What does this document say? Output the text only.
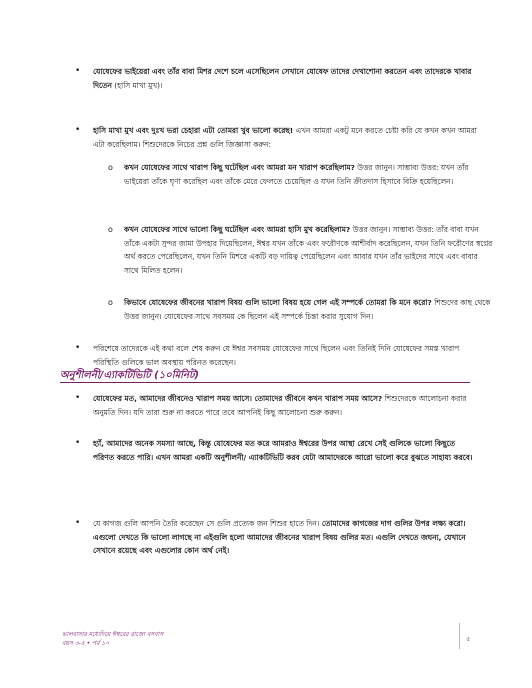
• যোষেফের ভাইয়েরা এবং তাঁর বাবা মিশর দেশে চলে এসেছিলেন সেখানে যোষেফ তাদের দেখাশোনা করতেন এবং তাদেরকে খাবার দিতেন (হাসি মাখা মুখ)।
• হাসি মাখা মুখ এবং দুঃখ ভরা চেহারা এটা তোমরা খুব ভালো করেছ! এখন আমরা একটু মনে করতে চেষ্টা করি যে কখন কখন আমরা এটা করেছিলাম। শিশুদেরকে নিচের প্রশ্ন গুলি জিজ্ঞাসা করুন:
o কখন যোষেফের সাথে খারাপ কিছু ঘটেছিল এবং আমরা মন খারাপ করেছিলাম? উত্তর জানুন। সাম্ভাব্য উত্তর: যখন তাঁর ভাইয়েরা তাঁকে ঘৃণা করেছিল এবং তাঁকে মেরে ফেলতে চেয়েছিল ও যখন তিনি ক্রীতদাস হিসাবে বিক্রি হয়েছিলেন।
o কখন যোষেফের সাথে ভালো কিছু ঘটেছিল এবং আমরা হাসি মুখ করেছিলাম? উত্তর জানুন। সাম্ভাব্য উত্তর: তাঁর বাবা যখন তাঁকে একটা সুন্দর জামা উপহার দিয়েছিলেন, ঈশ্বর যখন তাঁকে এবং ফরৌণকে আশীর্বাদ করেছিলেন, যখন তিনি ফরৌণের স্বপ্নের অর্থ করতে পেরেছিলেন, যখন তিনি মিশরে একটি বড় দায়িত্ব পেয়েছিলেন এবং আবার যখন তাঁর ভাইদের সাথে এবং বাবার সাথে মিলিত হলেন।
o কিভাবে যোষেফের জীবনের খারাপ বিষয় গুলি ভালো বিষয় হয়ে গেল এই সম্পর্কে তোমরা কি মনে করো? শিশুদের কাছ থেকে উত্তর জানুন। যোষেফের সাথে সবসময় কে ছিলেন এই সম্পর্কে চিন্তা করার সুযোগ দিন।
• পরিশেষে তাদেরকে এই কথা বলে শেষ করুন যে ঈশ্বর সবসময় যোষেফের সাথে ছিলেন এবং তিনিই দিনি যোষেফের সমস্ত খারাপ পরিস্থিতি গুলিকে ভাল অবস্থায় পরিনত করেছেন।
অনুশীলনী/এ্যাকটিভিটি (১০মিনিট)
• যোষেফের মত, আমাদের জীবনেও খারাপ সময় আসে। তোমাদের জীবনে কখন খারাপ সময় আসে? শিশুদেরকে আলোচনা করার অনুমতি দিন। যদি তারা শুরু না করতে পারে তবে আপনিই কিছু আলোচনা শুরু করুন।
• হ্যাঁ, আমাদের অনেক সমস্যা আছে, কিন্তু যোষেফের মত করে আমরাও ঈশ্বরের উপর আস্থা রেখে সেই গুলিকে ভালো কিছুতে পরিণত করতে পারি। এখন আমরা একটি অনুশীলনী/ এ্যাকটিভিটি করব যেটা আমাদেরকে আরো ভালো করে বুঝতে সাহায্য করবে।
• যে কাগজ গুলি আপনি তৈরি করেছেন সে গুলি প্রত্যেক জন শিশুর হাতে দিন। তোমাদের কাগজের দাগ গুলির উপর লক্ষ্য করো। এগুলো দেখতে কি ভালো লাগছে না এইগুলি হলো আমাদের জীবনের খারাপ বিষয় গুলির মত। এগুলি দেখতে জঘন্য, যেখানে সেখানে রয়েছে এবং এগুলোর কোন অর্থ নেই।
ভালবাসার মধ্যেদিয়ে ঈশ্বরের রাজ্যে বসবাস
বয়স ৩-৫ • পর্ব ১০
৫
